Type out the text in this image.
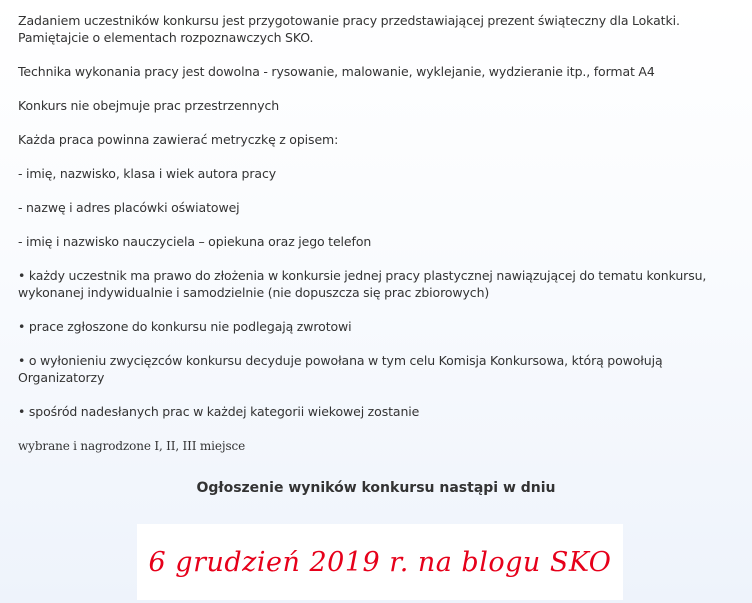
Zadaniem uczestników konkursu jest przygotowanie pracy przedstawiającej prezent świąteczny dla Lokatki.
Pamiętajcie o elementach rozpoznawczych SKO.

Technika wykonania pracy jest dowolna - rysowanie, malowanie, wyklejanie, wydzieranie itp., format A4

Konkurs nie obejmuje prac przestrzennych

Każda praca powinna zawierać metryczkę z opisem:

- imię, nazwisko, klasa i wiek autora pracy

- nazwę i adres placówki oświatowej

- imię i nazwisko nauczyciela – opiekuna oraz jego telefon

• każdy uczestnik ma prawo do złożenia w konkursie jednej pracy plastycznej nawiązującej do tematu konkursu,
wykonanej indywidualnie i samodzielnie (nie dopuszcza się prac zbiorowych)

• prace zgłoszone do konkursu nie podlegają zwrotowi

• o wyłonieniu zwycięzców konkursu decyduje powołana w tym celu Komisja Konkursowa, którą powołują
Organizatorzy

• spośród nadesłanych prac w każdej kategorii wiekowej zostanie

wybrane i nagrodzone I, II, III miejsce

Ogłoszenie wyników konkursu nastąpi w dniu
6 grudzień 2019 r. na blogu SKO
